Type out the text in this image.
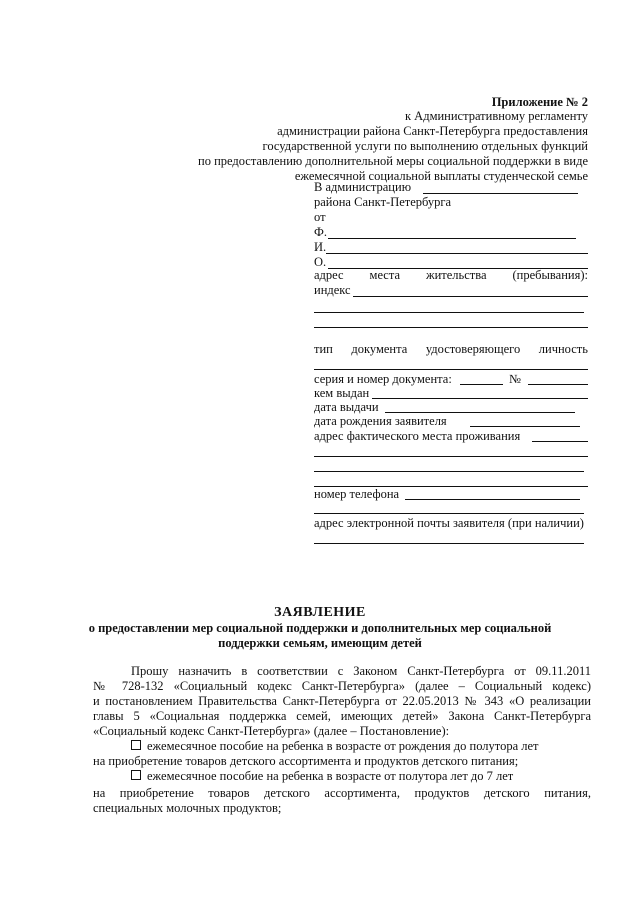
Приложение № 2
к Административному регламенту
администрации района Санкт-Петербурга предоставления
государственной услуги по выполнению отдельных функций
по предоставлению дополнительной меры социальной поддержки в виде
ежемесячной социальной выплаты студенческой семье
В администрацию
района Санкт-Петербурга
от
Ф.
И.
О.
адрес места жительства (пребывания):
индекс
тип документа удостоверяющего личность
серия и номер документа:	№
кем выдан
дата выдачи
дата рождения заявителя
адрес фактического места проживания
номер телефона
адрес электронной почты заявителя (при наличии)
ЗАЯВЛЕНИЕ
о предоставлении мер социальной поддержки и дополнительных мер социальной
поддержки семьям, имеющим детей
Прошу назначить в соответствии с Законом Санкт-Петербурга от 09.11.2011
№ 728-132 «Социальный кодекс Санкт-Петербурга» (далее – Социальный кодекс)
и постановлением Правительства Санкт-Петербурга от 22.05.2013 № 343 «О реализации
главы 5 «Социальная поддержка семей, имеющих детей» Закона Санкт-Петербурга
«Социальный кодекс Санкт-Петербурга» (далее – Постановление):
ежемесячное пособие на ребенка в возрасте от рождения до полутора лет
на приобретение товаров детского ассортимента и продуктов детского питания;
ежемесячное пособие на ребенка в возрасте от полутора лет до 7 лет
на приобретение товаров детского ассортимента, продуктов детского питания,
специальных молочных продуктов;
